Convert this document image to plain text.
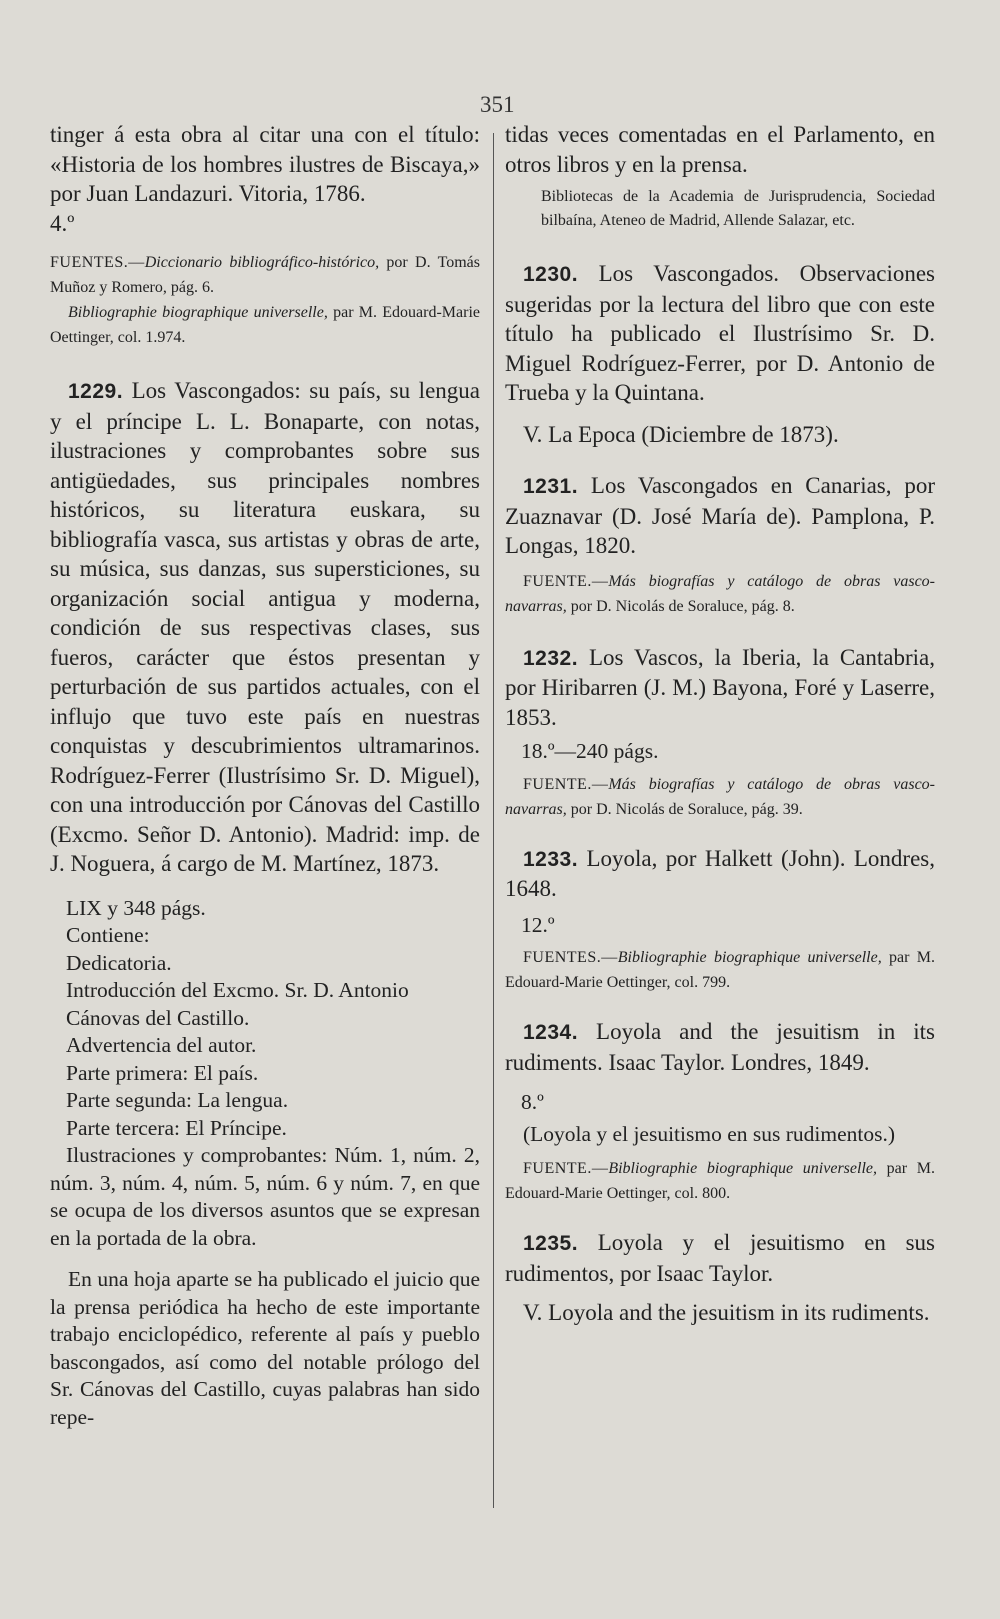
351

tinger á esta obra al citar una con el título: «Historia de los hombres ilustres de Biscaya,» por Juan Landazuri. Vitoria, 1786.

4.º

FUENTES.—Diccionario bibliográfico-histórico, por D. Tomás Muñoz y Romero, pág. 6.

Bibliographie biographique universelle, par M. Edouard-Marie Oettinger, col. 1.974.

1229. Los Vascongados: su país, su lengua y el príncipe L. L. Bonaparte, con notas, ilustraciones y comprobantes sobre sus antigüedades, sus principales nombres históricos, su literatura euskara, su bibliografía vasca, sus artistas y obras de arte, su música, sus danzas, sus supersticiones, su organización social antigua y moderna, condición de sus respectivas clases, sus fueros, carácter que éstos presentan y perturbación de sus partidos actuales, con el influjo que tuvo este país en nuestras conquistas y descubrimientos ultramarinos. Rodríguez-Ferrer (Ilustrísimo Sr. D. Miguel), con una introducción por Cánovas del Castillo (Excmo. Señor D. Antonio). Madrid: imp. de J. Noguera, á cargo de M. Martínez, 1873.

LIX y 348 págs.

Contiene:

Dedicatoria.

Introducción del Excmo. Sr. D. Antonio Cánovas del Castillo.

Advertencia del autor.

Parte primera: El país.

Parte segunda: La lengua.

Parte tercera: El Príncipe.

Ilustraciones y comprobantes: Núm. 1, núm. 2, núm. 3, núm. 4, núm. 5, núm. 6 y núm. 7, en que se ocupa de los diversos asuntos que se expresan en la portada de la obra.

En una hoja aparte se ha publicado el juicio que la prensa periódica ha hecho de este importante trabajo enciclopédico, referente al país y pueblo bascongados, así como del notable prólogo del Sr. Cánovas del Castillo, cuyas palabras han sido repe-

tidas veces comentadas en el Parlamento, en otros libros y en la prensa.

Bibliotecas de la Academia de Jurisprudencia, Sociedad bilbaína, Ateneo de Madrid, Allende Salazar, etc.

1230. Los Vascongados. Observaciones sugeridas por la lectura del libro que con este título ha publicado el Ilustrísimo Sr. D. Miguel Rodríguez-Ferrer, por D. Antonio de Trueba y la Quintana.

V. La Epoca (Diciembre de 1873).

1231. Los Vascongados en Canarias, por Zuaznavar (D. José María de). Pamplona, P. Longas, 1820.

FUENTE.—Más biografías y catálogo de obras vasco-navarras, por D. Nicolás de Soraluce, pág. 8.

1232. Los Vascos, la Iberia, la Cantabria, por Hiribarren (J. M.) Bayona, Foré y Laserre, 1853.

18.º—240 págs.

FUENTE.—Más biografías y catálogo de obras vasco-navarras, por D. Nicolás de Soraluce, pág. 39.

1233. Loyola, por Halkett (John). Londres, 1648.

12.º

FUENTES.—Bibliographie biographique universelle, par M. Edouard-Marie Oettinger, col. 799.

1234. Loyola and the jesuitism in its rudiments. Isaac Taylor. Londres, 1849.

8.º

(Loyola y el jesuitismo en sus rudimentos.)

FUENTE.—Bibliographie biographique universelle, par M. Edouard-Marie Oettinger, col. 800.

1235. Loyola y el jesuitismo en sus rudimentos, por Isaac Taylor.

V. Loyola and the jesuitism in its rudiments.
